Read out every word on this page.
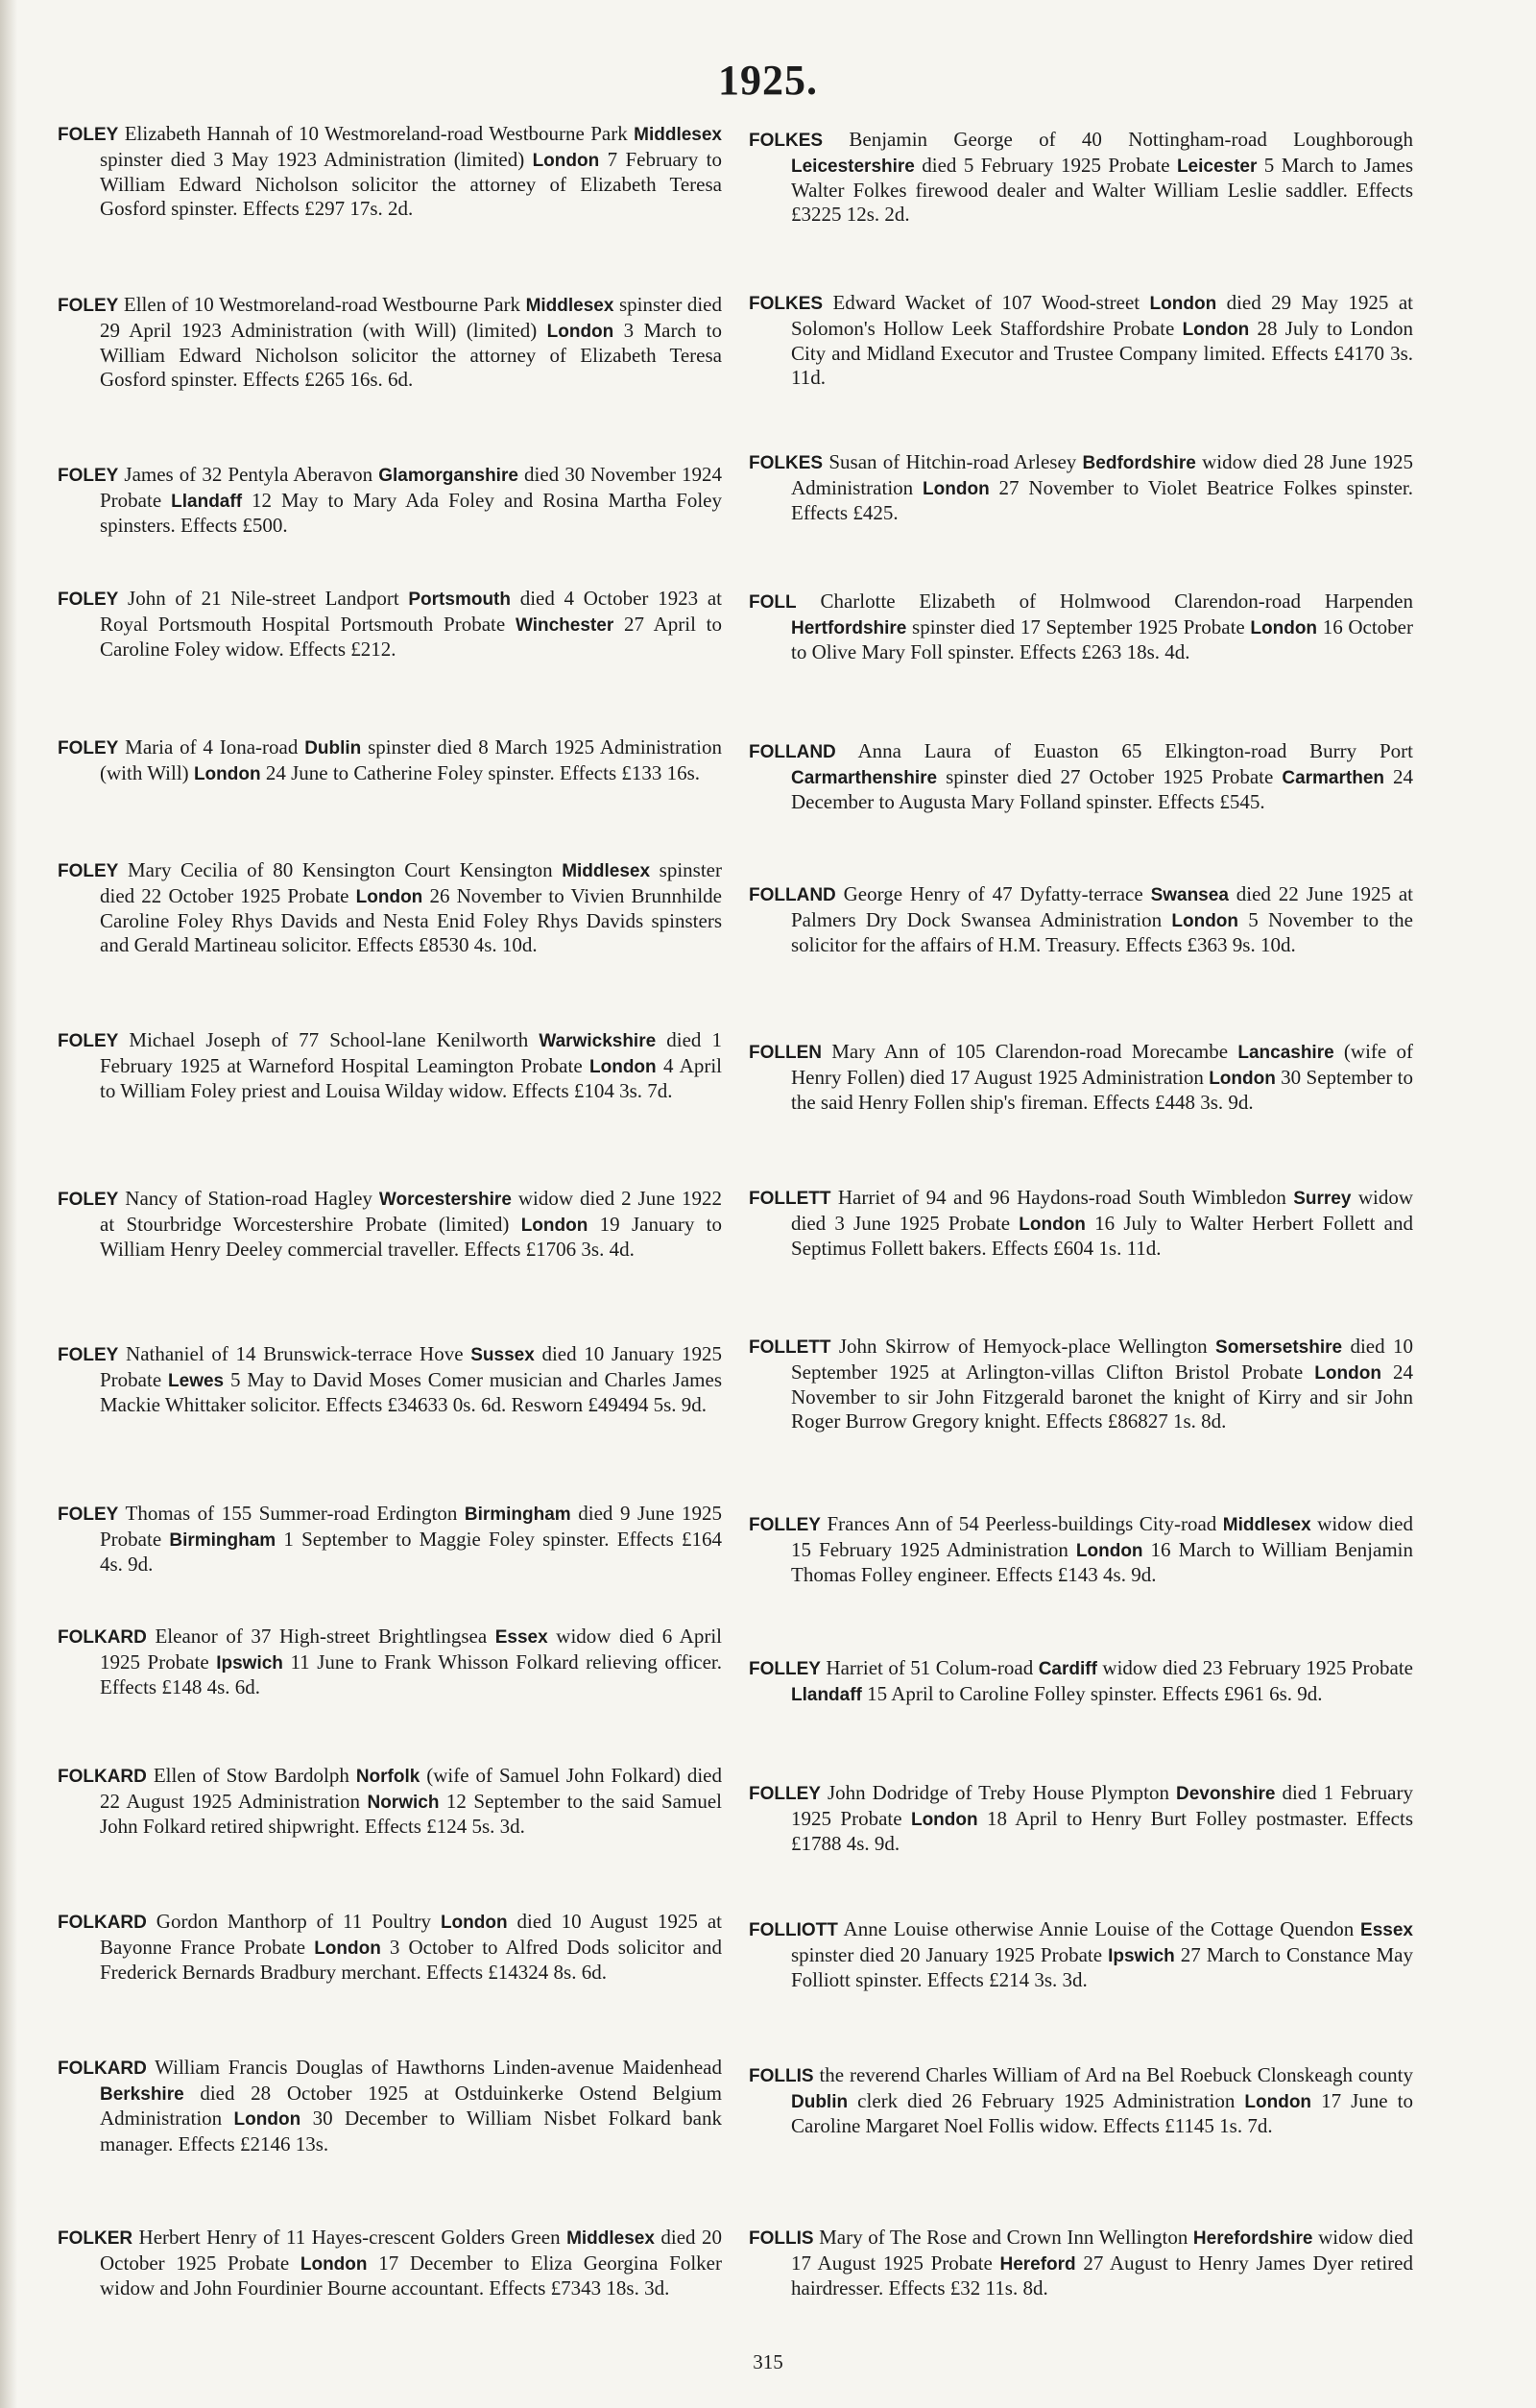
1925.

FOLEY Elizabeth Hannah of 10 Westmoreland-road Westbourne Park Middlesex spinster died 3 May 1923 Administration (limited) London 7 February to William Edward Nicholson solicitor the attorney of Elizabeth Teresa Gosford spinster. Effects £297 17s. 2d.

FOLEY Ellen of 10 Westmoreland-road Westbourne Park Middlesex spinster died 29 April 1923 Administration (with Will) (limited) London 3 March to William Edward Nicholson solicitor the attorney of Elizabeth Teresa Gosford spinster. Effects £265 16s. 6d.

FOLEY James of 32 Pentyla Aberavon Glamorganshire died 30 November 1924 Probate Llandaff 12 May to Mary Ada Foley and Rosina Martha Foley spinsters. Effects £500.

FOLEY John of 21 Nile-street Landport Portsmouth died 4 October 1923 at Royal Portsmouth Hospital Portsmouth Probate Winchester 27 April to Caroline Foley widow. Effects £212.

FOLEY Maria of 4 Iona-road Dublin spinster died 8 March 1925 Administration (with Will) London 24 June to Catherine Foley spinster. Effects £133 16s.

FOLEY Mary Cecilia of 80 Kensington Court Kensington Middlesex spinster died 22 October 1925 Probate London 26 November to Vivien Brunnhilde Caroline Foley Rhys Davids and Nesta Enid Foley Rhys Davids spinsters and Gerald Martineau solicitor. Effects £8530 4s. 10d.

FOLEY Michael Joseph of 77 School-lane Kenilworth Warwickshire died 1 February 1925 at Warneford Hospital Leamington Probate London 4 April to William Foley priest and Louisa Wilday widow. Effects £104 3s. 7d.

FOLEY Nancy of Station-road Hagley Worcestershire widow died 2 June 1922 at Stourbridge Worcestershire Probate (limited) London 19 January to William Henry Deeley commercial traveller. Effects £1706 3s. 4d.

FOLEY Nathaniel of 14 Brunswick-terrace Hove Sussex died 10 January 1925 Probate Lewes 5 May to David Moses Comer musician and Charles James Mackie Whittaker solicitor. Effects £34633 0s. 6d. Resworn £49494 5s. 9d.

FOLEY Thomas of 155 Summer-road Erdington Birmingham died 9 June 1925 Probate Birmingham 1 September to Maggie Foley spinster. Effects £164 4s. 9d.

FOLKARD Eleanor of 37 High-street Brightlingsea Essex widow died 6 April 1925 Probate Ipswich 11 June to Frank Whisson Folkard relieving officer. Effects £148 4s. 6d.

FOLKARD Ellen of Stow Bardolph Norfolk (wife of Samuel John Folkard) died 22 August 1925 Administration Norwich 12 September to the said Samuel John Folkard retired shipwright. Effects £124 5s. 3d.

FOLKARD Gordon Manthorp of 11 Poultry London died 10 August 1925 at Bayonne France Probate London 3 October to Alfred Dods solicitor and Frederick Bernards Bradbury merchant. Effects £14324 8s. 6d.

FOLKARD William Francis Douglas of Hawthorns Linden-avenue Maidenhead Berkshire died 28 October 1925 at Ostduinkerke Ostend Belgium Administration London 30 December to William Nisbet Folkard bank manager. Effects £2146 13s.

FOLKER Herbert Henry of 11 Hayes-crescent Golders Green Middlesex died 20 October 1925 Probate London 17 December to Eliza Georgina Folker widow and John Fourdinier Bourne accountant. Effects £7343 18s. 3d.

FOLKES Benjamin George of 40 Nottingham-road Loughborough Leicestershire died 5 February 1925 Probate Leicester 5 March to James Walter Folkes firewood dealer and Walter William Leslie saddler. Effects £3225 12s. 2d.

FOLKES Edward Wacket of 107 Wood-street London died 29 May 1925 at Solomon's Hollow Leek Staffordshire Probate London 28 July to London City and Midland Executor and Trustee Company limited. Effects £4170 3s. 11d.

FOLKES Susan of Hitchin-road Arlesey Bedfordshire widow died 28 June 1925 Administration London 27 November to Violet Beatrice Folkes spinster. Effects £425.

FOLL Charlotte Elizabeth of Holmwood Clarendon-road Harpenden Hertfordshire spinster died 17 September 1925 Probate London 16 October to Olive Mary Foll spinster. Effects £263 18s. 4d.

FOLLAND Anna Laura of Euaston 65 Elkington-road Burry Port Carmarthenshire spinster died 27 October 1925 Probate Carmarthen 24 December to Augusta Mary Folland spinster. Effects £545.

FOLLAND George Henry of 47 Dyfatty-terrace Swansea died 22 June 1925 at Palmers Dry Dock Swansea Administration London 5 November to the solicitor for the affairs of H.M. Treasury. Effects £363 9s. 10d.

FOLLEN Mary Ann of 105 Clarendon-road Morecambe Lancashire (wife of Henry Follen) died 17 August 1925 Administration London 30 September to the said Henry Follen ship's fireman. Effects £448 3s. 9d.

FOLLETT Harriet of 94 and 96 Haydons-road South Wimbledon Surrey widow died 3 June 1925 Probate London 16 July to Walter Herbert Follett and Septimus Follett bakers. Effects £604 1s. 11d.

FOLLETT John Skirrow of Hemyock-place Wellington Somersetshire died 10 September 1925 at Arlington-villas Clifton Bristol Probate London 24 November to sir John Fitzgerald baronet the knight of Kirry and sir John Roger Burrow Gregory knight. Effects £86827 1s. 8d.

FOLLEY Frances Ann of 54 Peerless-buildings City-road Middlesex widow died 15 February 1925 Administration London 16 March to William Benjamin Thomas Folley engineer. Effects £143 4s. 9d.

FOLLEY Harriet of 51 Colum-road Cardiff widow died 23 February 1925 Probate Llandaff 15 April to Caroline Folley spinster. Effects £961 6s. 9d.

FOLLEY John Dodridge of Treby House Plympton Devonshire died 1 February 1925 Probate London 18 April to Henry Burt Folley postmaster. Effects £1788 4s. 9d.

FOLLIOTT Anne Louise otherwise Annie Louise of the Cottage Quendon Essex spinster died 20 January 1925 Probate Ipswich 27 March to Constance May Folliott spinster. Effects £214 3s. 3d.

FOLLIS the reverend Charles William of Ard na Bel Roebuck Clonskeagh county Dublin clerk died 26 February 1925 Administration London 17 June to Caroline Margaret Noel Follis widow. Effects £1145 1s. 7d.

FOLLIS Mary of The Rose and Crown Inn Wellington Herefordshire widow died 17 August 1925 Probate Hereford 27 August to Henry James Dyer retired hairdresser. Effects £32 11s. 8d.

315
